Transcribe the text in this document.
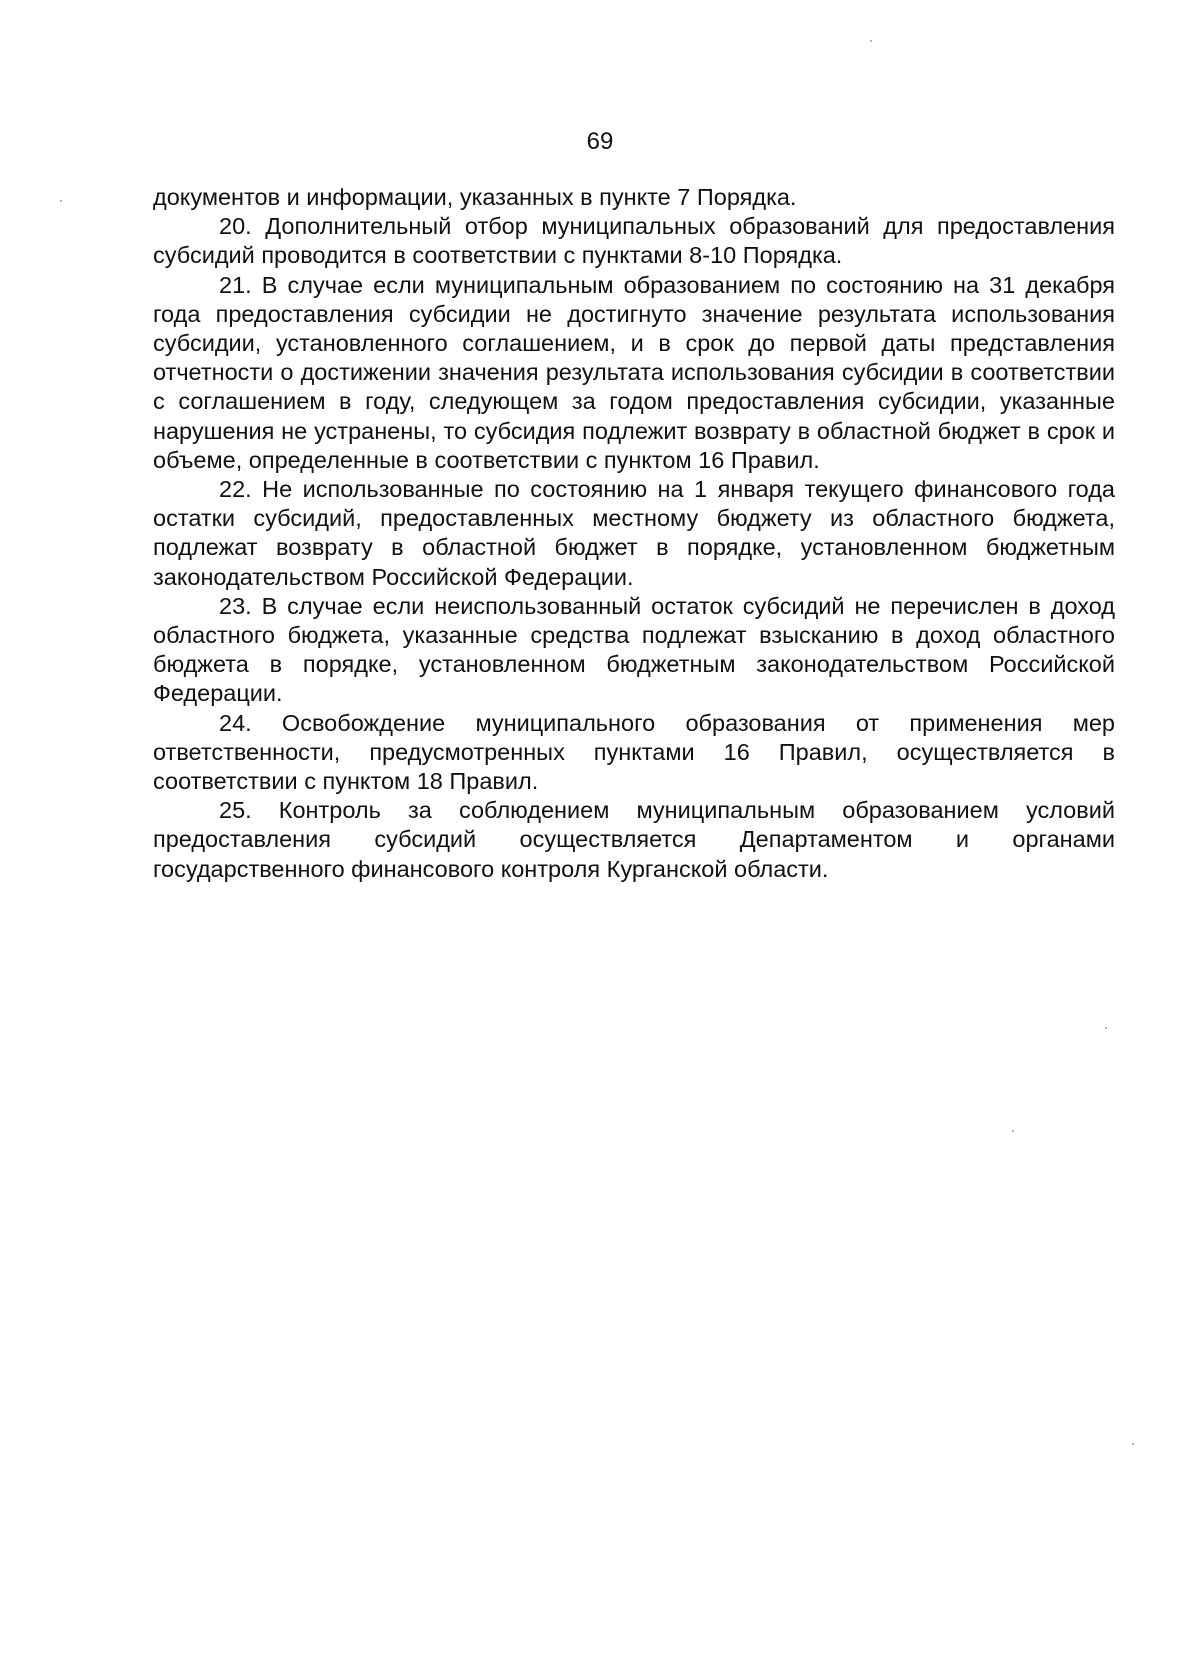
69

документов и информации, указанных в пункте 7 Порядка.

20. Дополнительный отбор муниципальных образований для предоставления субсидий проводится в соответствии с пунктами 8-10 Порядка.

21. В случае если муниципальным образованием по состоянию на 31 декабря года предоставления субсидии не достигнуто значение результата использования субсидии, установленного соглашением, и в срок до первой даты представления отчетности о достижении значения результата использования субсидии в соответствии с соглашением в году, следующем за годом предоставления субсидии, указанные нарушения не устранены, то субсидия подлежит возврату в областной бюджет в срок и объеме, определенные в соответствии с пунктом 16 Правил.

22. Не использованные по состоянию на 1 января текущего финансового года остатки субсидий, предоставленных местному бюджету из областного бюджета, подлежат возврату в областной бюджет в порядке, установленном бюджетным законодательством Российской Федерации.

23. В случае если неиспользованный остаток субсидий не перечислен в доход областного бюджета, указанные средства подлежат взысканию в доход областного бюджета в порядке, установленном бюджетным законодательством Российской Федерации.

24. Освобождение муниципального образования от применения мер ответственности, предусмотренных пунктами 16 Правил, осуществляется в соответствии с пунктом 18 Правил.

25. Контроль за соблюдением муниципальным образованием условий предоставления субсидий осуществляется Департаментом и органами государственного финансового контроля Курганской области.
